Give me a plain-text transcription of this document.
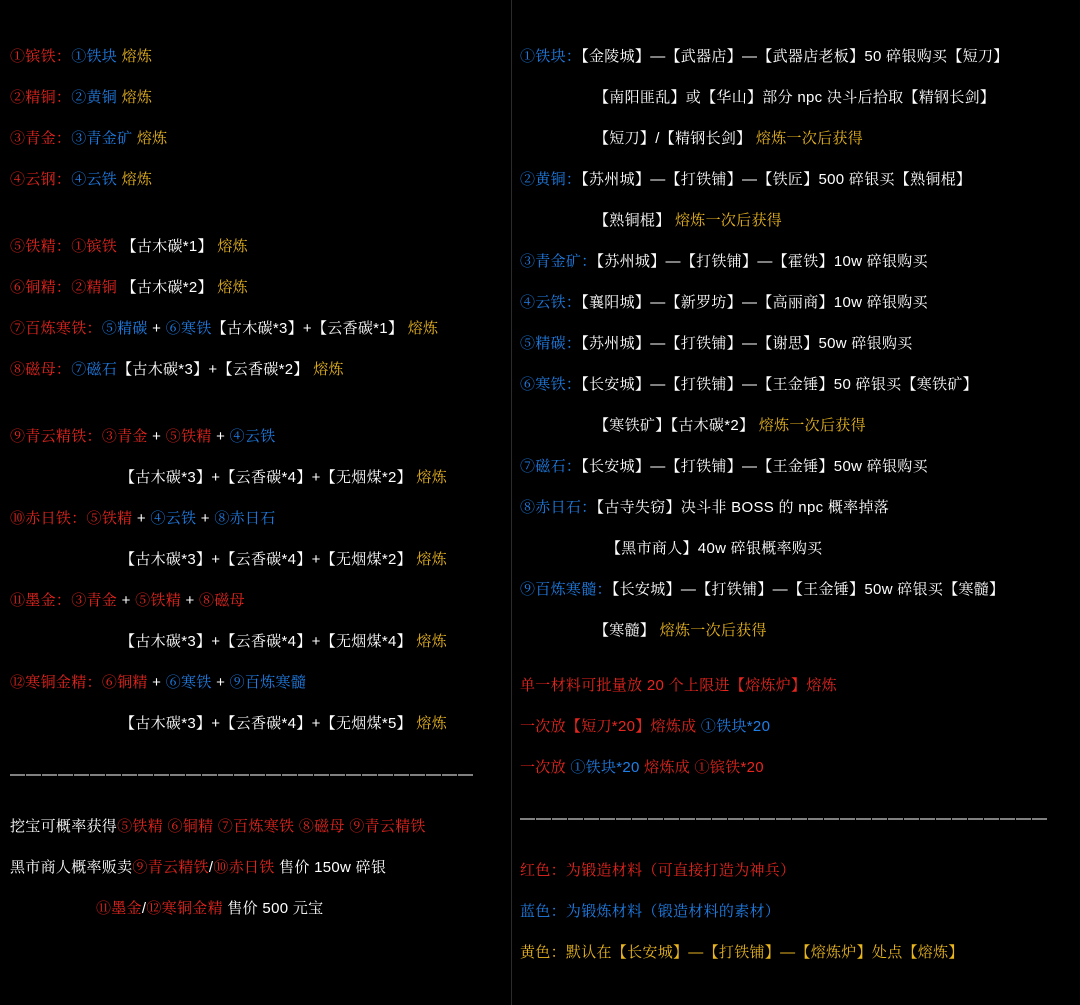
①镔铁：①铁块 熔炼
②精铜：②黄铜 熔炼
③青金：③青金矿 熔炼
④云钢：④云铁 熔炼
⑤铁精：①镔铁 【古木碳*1】 熔炼
⑥铜精：②精铜 【古木碳*2】 熔炼
⑦百炼寒铁：⑤精碳 + ⑥寒铁【古木碳*3】+【云香碳*1】 熔炼
⑧磁母：⑦磁石【古木碳*3】+【云香碳*2】 熔炼
⑨青云精铁：③青金 + ⑤铁精 + ④云铁
【古木碳*3】+【云香碳*4】+【无烟煤*2】 熔炼
⑩赤日铁：⑤铁精 + ④云铁 + ⑧赤日石
【古木碳*3】+【云香碳*4】+【无烟煤*2】 熔炼
⑪墨金：③青金 + ⑤铁精 + ⑧磁母
【古木碳*3】+【云香碳*4】+【无烟煤*4】 熔炼
⑫寒铜金精：⑥铜精 + ⑥寒铁 + ⑨百炼寒髓
【古木碳*3】+【云香碳*4】+【无烟煤*5】 熔炼
—————————————————————————————
挖宝可概率获得⑤铁精 ⑥铜精 ⑦百炼寒铁 ⑧磁母 ⑨青云精铁
黑市商人概率贩卖⑨青云精铁/⑩赤日铁 售价 150w 碎银
⑪墨金/⑫寒铜金精 售价 500 元宝
①铁块：【金陵城】—【武器店】—【武器店老板】50 碎银购买【短刀】
【南阳匪乱】或【华山】部分 npc 决斗后拾取【精钢长剑】
【短刀】/【精钢长剑】 熔炼一次后获得
②黄铜：【苏州城】—【打铁铺】—【铁匠】500 碎银买【熟铜棍】
【熟铜棍】 熔炼一次后获得
③青金矿：【苏州城】—【打铁铺】—【霍铁】10w 碎银购买
④云铁：【襄阳城】—【新罗坊】—【高丽商】10w 碎银购买
⑤精碳：【苏州城】—【打铁铺】—【谢思】50w 碎银购买
⑥寒铁：【长安城】—【打铁铺】—【王金锤】50 碎银买【寒铁矿】
【寒铁矿】【古木碳*2】 熔炼一次后获得
⑦磁石：【长安城】—【打铁铺】—【王金锤】50w 碎银购买
⑧赤日石：【古寺失窃】决斗非 BOSS 的 npc 概率掉落
【黑市商人】40w 碎银概率购买
⑨百炼寒髓：【长安城】—【打铁铺】—【王金锤】50w 碎银买【寒髓】
【寒髓】 熔炼一次后获得
单一材料可批量放 20 个上限进【熔炼炉】熔炼
一次放【短刀*20】熔炼成 ①铁块*20
一次放 ①铁块*20 熔炼成 ①镔铁*20
—————————————————————————————————
红色：为锻造材料（可直接打造为神兵）
蓝色：为锻炼材料（锻造材料的素材）
黄色：默认在【长安城】—【打铁铺】—【熔炼炉】处点【熔炼】
